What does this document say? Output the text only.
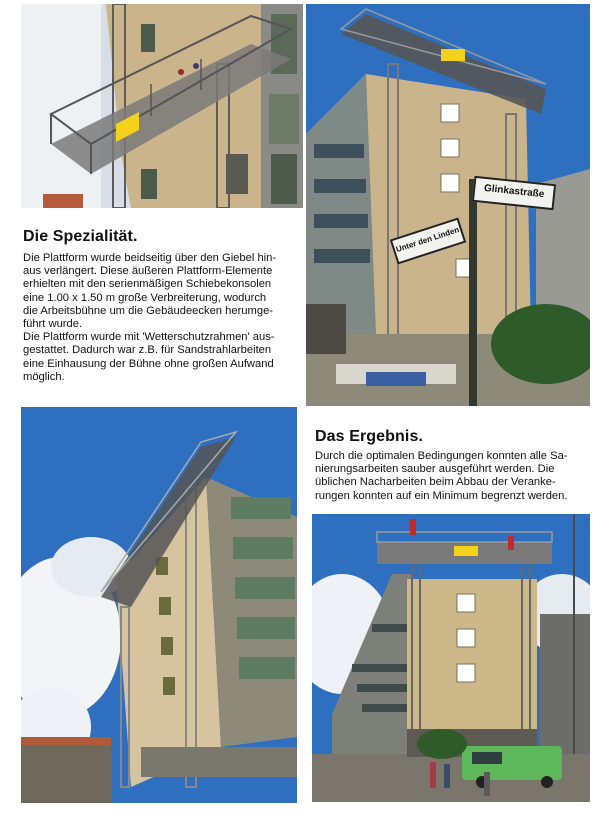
Glinkastraße
Unter den Linden
Die Spezialität.

Die Plattform wurde beidseitig über den Giebel hin-
aus verlängert. Diese äußeren Plattform-Elemente
erhielten mit den serienmäßigen Schiebekonsolen
eine 1.00 x 1.50 m große Verbreiterung, wodurch
die Arbeitsbühne um die Gebäudeecken herumge-
führt wurde.

Die Plattform wurde mit 'Wetterschutzrahmen' aus-
gestattet. Dadurch war z.B. für Sandstrahlarbeiten
eine Einhausung der Bühne ohne großen Aufwand
möglich.

Das Ergebnis.

Durch die optimalen Bedingungen konnten alle Sa-
nierungsarbeiten sauber ausgeführt werden. Die
üblichen Nacharbeiten beim Abbau der Veranke-
rungen konnten auf ein Minimum begrenzt werden.
